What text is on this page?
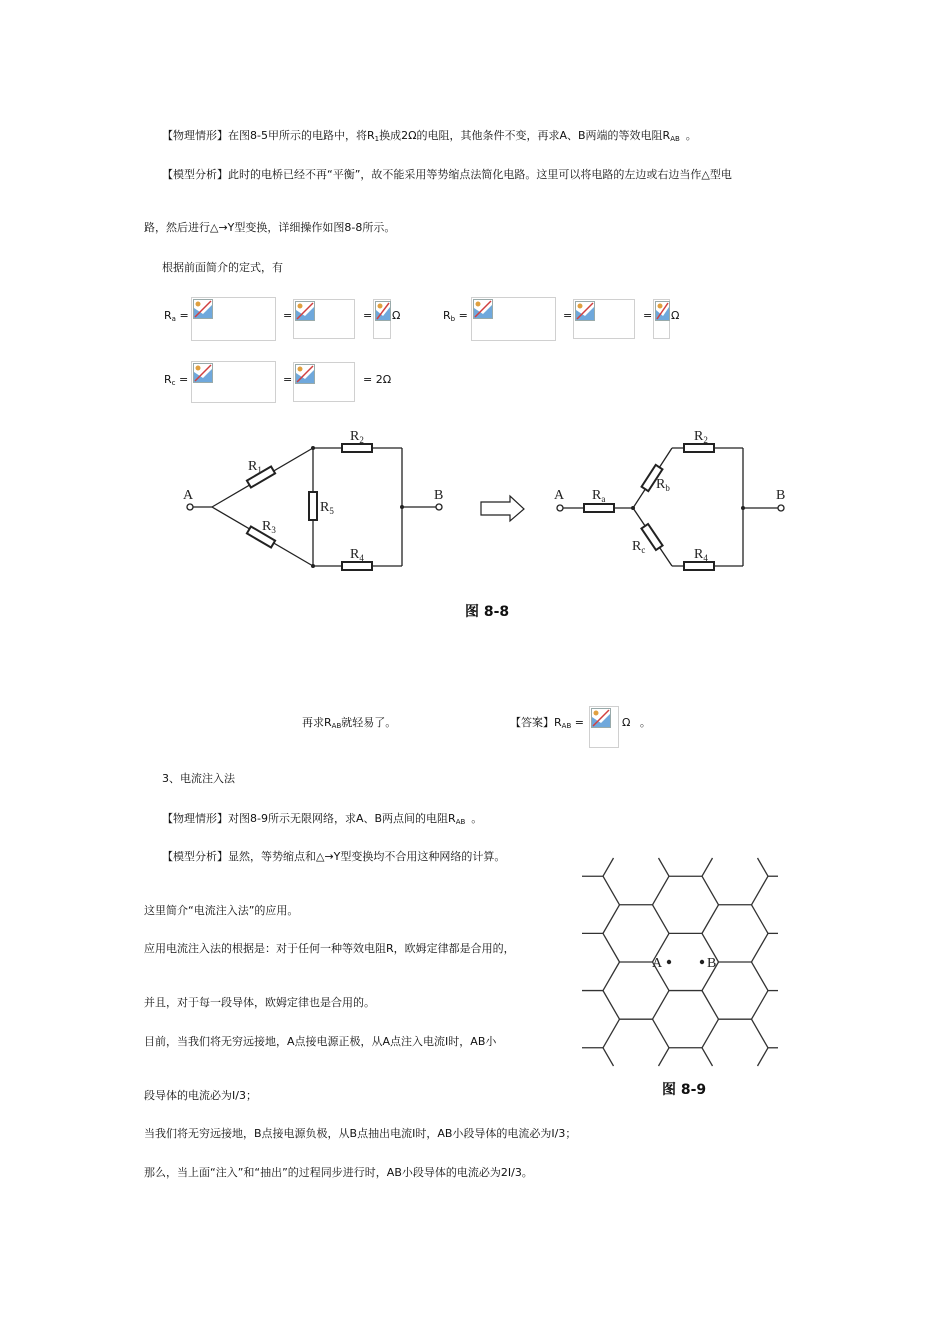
【物理情形】在图8-5甲所示的电路中，将R1换成2Ω的电阻，其他条件不变，再求A、B两端的等效电阻RAB 。
【模型分析】此时的电桥已经不再“平衡”，故不能采用等势缩点法简化电路。这里可以将电路的左边或右边当作△型电
路，然后进行△→Y型变换，详细操作如图8-8所示。
根据前面简介的定式，有
Ra =	=	= Ω	Rb =	=	= Ω
Rc =	=	= 2Ω
A	B
$R_1$
$R_2$
$R_3$
$R_4$
$R_5$
A	B
$R_a$
$R_b$
$R_c$
$R_2$
$R_4$
图 8-8
再求RAB就轻易了。	【答案】RAB =	Ω 。
3、电流注入法
【物理情形】对图8-9所示无限网络，求A、B两点间的电阻RAB 。
【模型分析】显然，等势缩点和△→Y型变换均不合用这种网络的计算。
这里简介“电流注入法”的应用。
应用电流注入法的根据是：对于任何一种等效电阻R，欧姆定律都是合用的，
并且，对于每一段导体，欧姆定律也是合用的。
目前，当我们将无穷远接地，A点接电源正极，从A点注入电流I时，AB小
段导体的电流必为I/3；
当我们将无穷远接地，B点接电源负极，从B点抽出电流I时，AB小段导体的电流必为I/3；
那么，当上面“注入”和“抽出”的过程同步进行时，AB小段导体的电流必为2I/3。
A	B
图 8-9
